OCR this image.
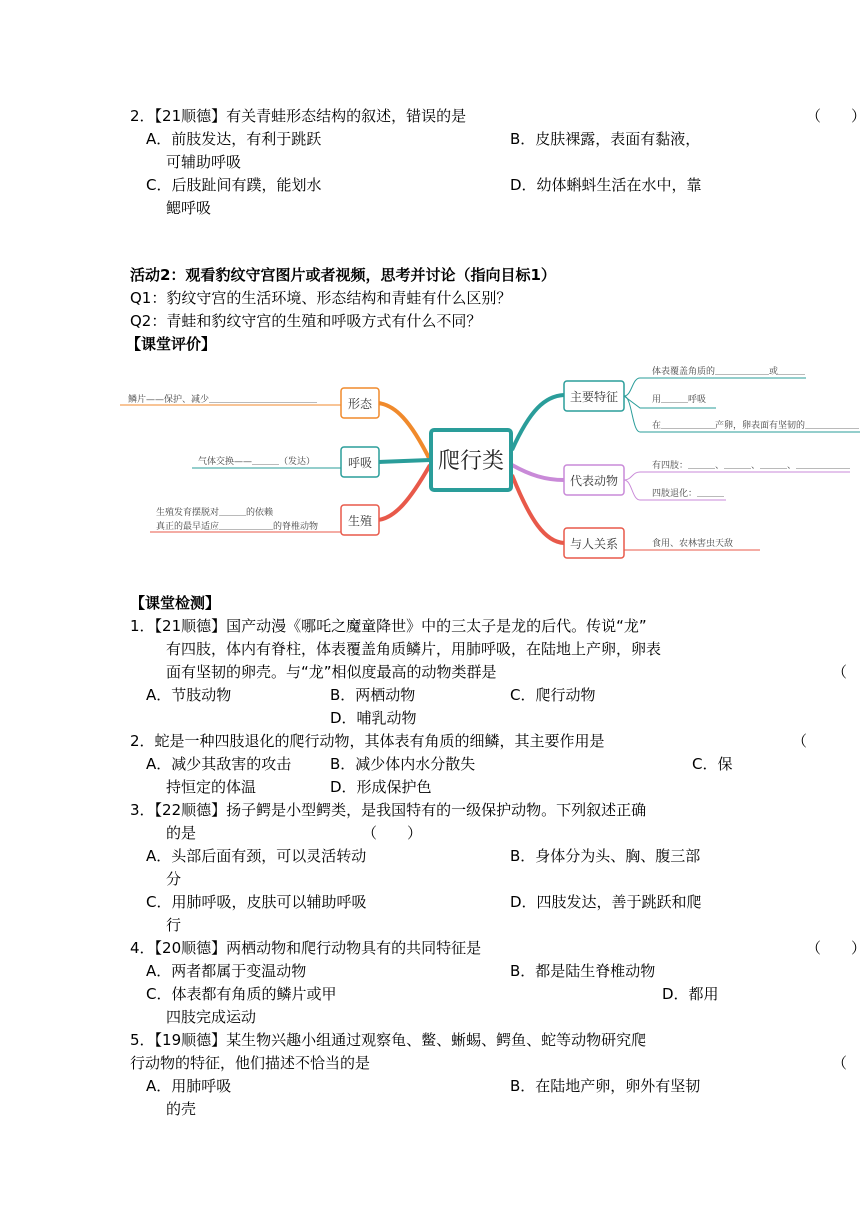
2．【21顺德】有关青蛙形态结构的叙述，错误的是	（　　）
A．前肢发达，有利于跳跃	B．皮肤裸露，表面有黏液，
可辅助呼吸
C．后肢趾间有蹼，能划水	D．幼体蝌蚪生活在水中，靠
鳃呼吸
活动2：观看豹纹守宫图片或者视频，思考并讨论（指向目标1）
Q1：豹纹守宫的生活环境、形态结构和青蛙有什么区别？
Q2：青蛙和豹纹守宫的生殖和呼吸方式有什么不同？
【课堂评价】
爬行类
形态
鳞片——保护、减少＿＿＿＿＿＿＿＿＿＿＿＿
呼吸
气体交换——＿＿＿（发达）
生殖
生殖发育摆脱对＿＿＿的依赖
真正的最早适应＿＿＿＿＿＿的脊椎动物
主要特征
体表覆盖角质的＿＿＿＿＿＿或＿＿＿
用＿＿＿呼吸
在＿＿＿＿＿＿产卵，卵表面有坚韧的＿＿＿＿＿＿
代表动物
有四肢：＿＿＿、＿＿＿、＿＿＿、＿＿＿＿＿＿
四肢退化：＿＿＿
与人关系	食用、农林害虫天敌
【课堂检测】
1．【21顺德】国产动漫《哪吒之魔童降世》中的三太子是龙的后代。传说“龙”
有四肢，体内有脊柱，体表覆盖角质鳞片，用肺呼吸，在陆地上产卵，卵表
面有坚韧的卵壳。与“龙”相似度最高的动物类群是	（
A．节肢动物	B．两栖动物	C．爬行动物
D．哺乳动物
2．蛇是一种四肢退化的爬行动物，其体表有角质的细鳞，其主要作用是	（
A．减少其敌害的攻击	B．减少体内水分散失	C．保
持恒定的体温	D．形成保护色
3．【22顺德】扬子鳄是小型鳄类，是我国特有的一级保护动物。下列叙述正确
的是	（　　）
A．头部后面有颈，可以灵活转动	B．身体分为头、胸、腹三部
分
C．用肺呼吸，皮肤可以辅助呼吸	D．四肢发达，善于跳跃和爬
行
4．【20顺德】两栖动物和爬行动物具有的共同特征是	（　　）
A．两者都属于变温动物	B．都是陆生脊椎动物
C．体表都有角质的鳞片或甲	D．都用
四肢完成运动
5．【19顺德】某生物兴趣小组通过观察龟、鳖、蜥蜴、鳄鱼、蛇等动物研究爬
行动物的特征，他们描述不恰当的是	（
A．用肺呼吸	B．在陆地产卵，卵外有坚韧
的壳
